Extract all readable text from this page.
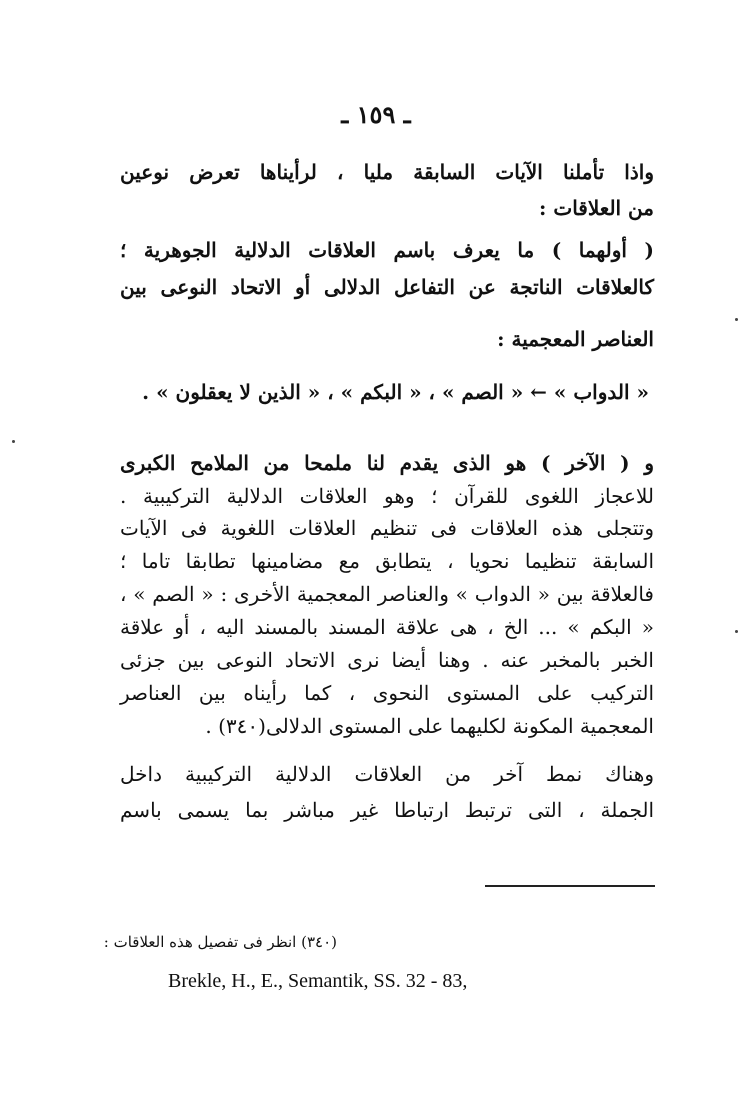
ـ ١٥٩ ـ
واذا تأملنا الآيات السابقة مليا ، لرأيناها تعرض نوعين
من العلاقات :
( أولهما ) ما يعرف باسم العلاقات الدلالية الجوهرية ؛
كالعلاقات الناتجة عن التفاعل الدلالى أو الاتحاد النوعى بين
العناصر المعجمية :
« الدواب » ← « الصم » ، « البكم » ، « الذين لا يعقلون » .
و ( الآخر ) هو الذى يقدم لنا ملمحا من الملامح الكبرى
للاعجاز اللغوى للقرآن ؛ وهو العلاقات الدلالية التركيبية .
وتتجلى هذه العلاقات فى تنظيم العلاقات اللغوية فى الآيات
السابقة تنظيما نحويا ، يتطابق مع مضامينها تطابقا تاما ؛
فالعلاقة بين « الدواب » والعناصر المعجمية الأخرى : « الصم » ،
« البكم » ... الخ ، هى علاقة المسند بالمسند اليه ، أو علاقة
الخبر بالمخبر عنه . وهنا أيضا نرى الاتحاد النوعى بين جزئى
التركيب على المستوى النحوى ، كما رأيناه بين العناصر
المعجمية المكونة لكليهما على المستوى الدلالى(٣٤٠) .
وهناك نمط آخر من العلاقات الدلالية التركيبية داخل
الجملة ، التى ترتبط ارتباطا غير مباشر بما يسمى باسم
(٣٤٠) انظر فى تفصيل هذه العلاقات :
Brekle, H., E., Semantik, SS. 32 - 83,
